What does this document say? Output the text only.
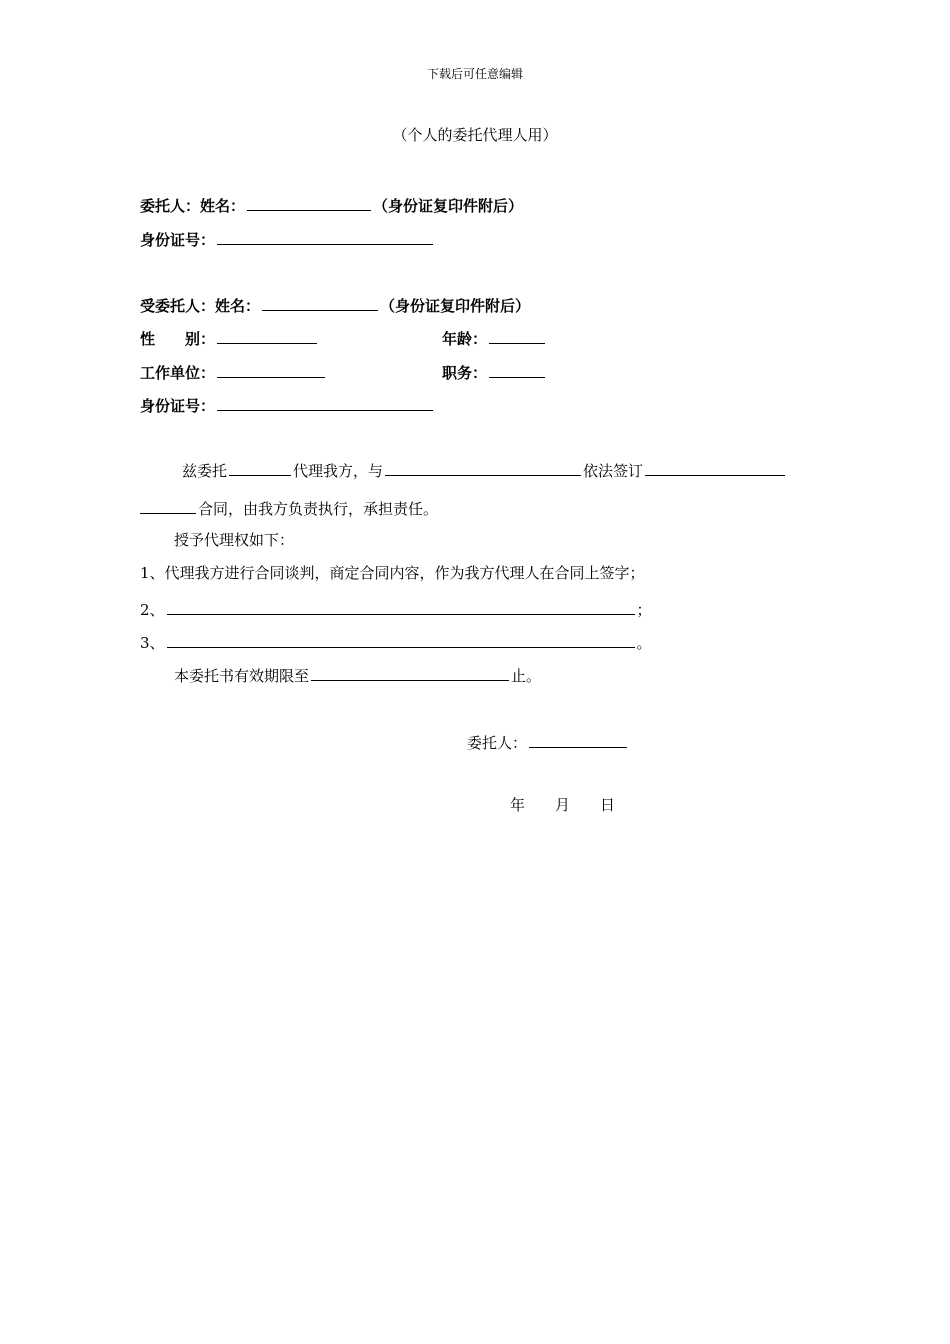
下载后可任意编辑
（个人的委托代理人用）
委托人：姓名：	（身份证复印件附后）
身份证号：
受委托人：姓名：	（身份证复印件附后）
性　　别：	年龄：
工作单位：	职务：
身份证号：
兹委托	代理我方，与	依法签订
合同，由我方负责执行，承担责任。
授予代理权如下：
1、代理我方进行合同谈判，商定合同内容，作为我方代理人在合同上签字；
2、	；
3、	。
本委托书有效期限至	止。
委托人：
年　　月　　日
